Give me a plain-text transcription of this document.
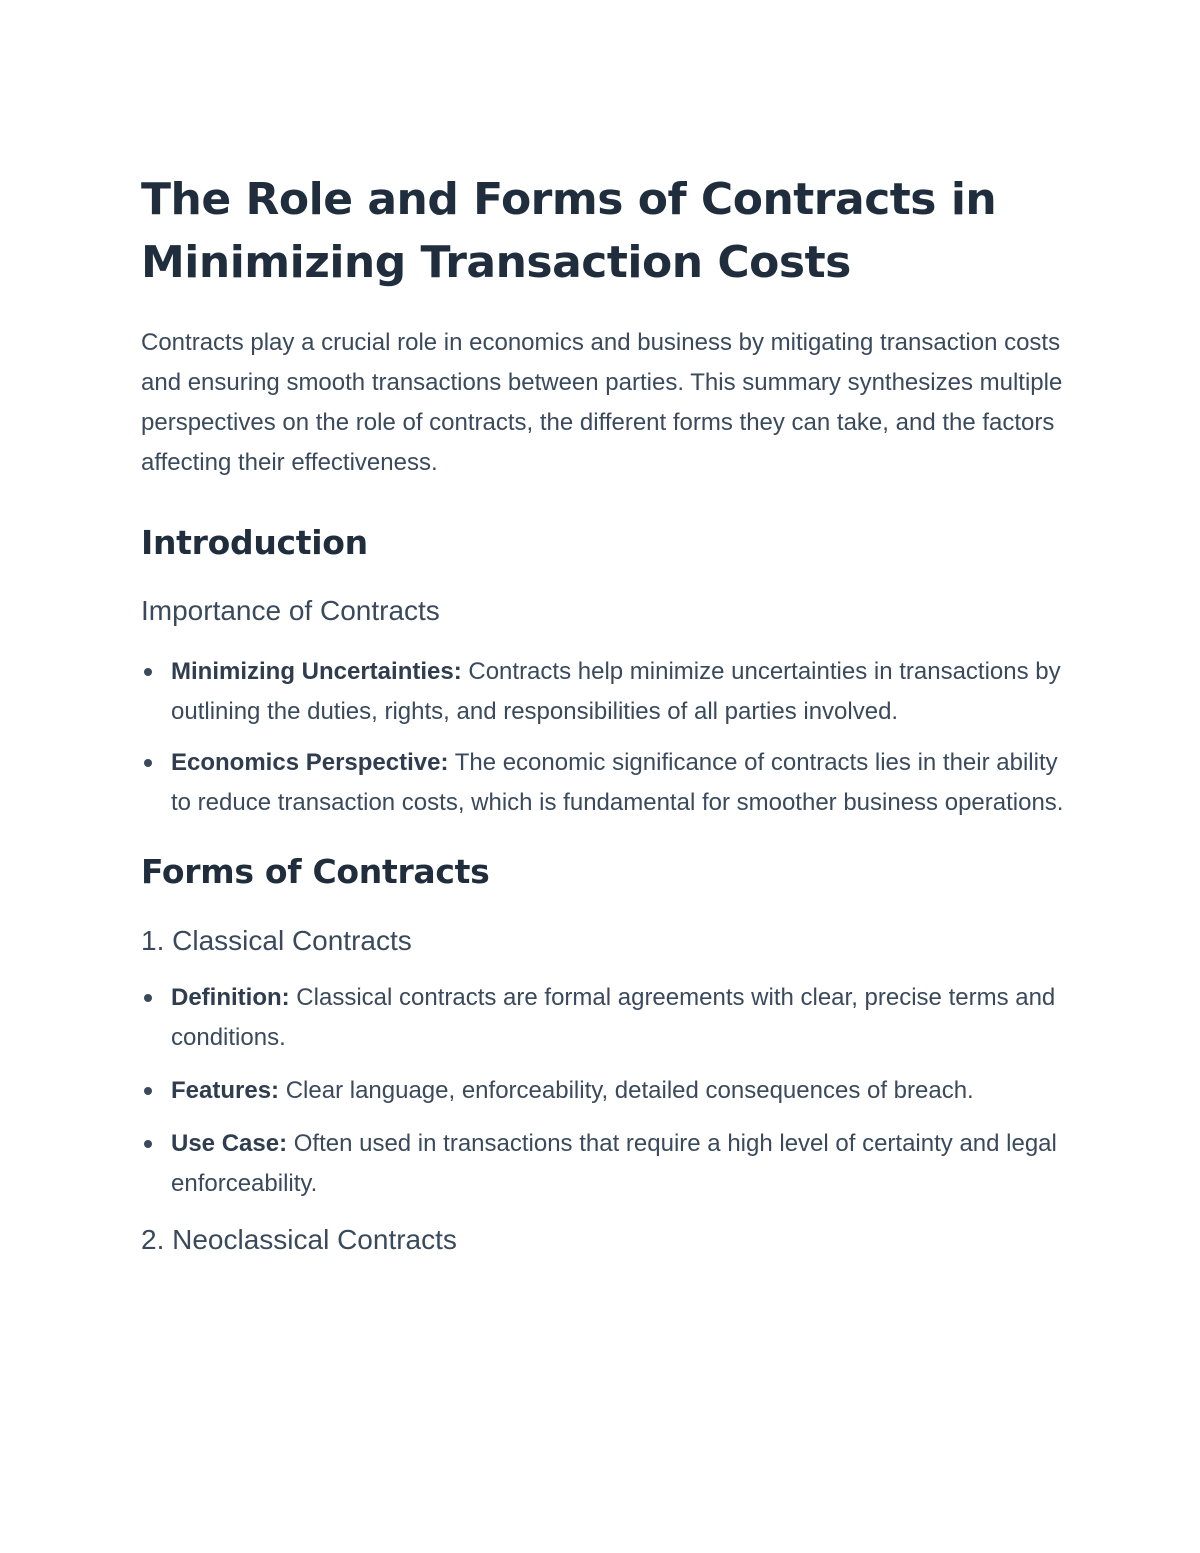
The Role and Forms of Contracts in Minimizing Transaction Costs

Contracts play a crucial role in economics and business by mitigating transaction costs and ensuring smooth transactions between parties. This summary synthesizes multiple perspectives on the role of contracts, the different forms they can take, and the factors affecting their effectiveness.

Introduction
Importance of Contracts
Minimizing Uncertainties: Contracts help minimize uncertainties in transactions by outlining the duties, rights, and responsibilities of all parties involved.
Economics Perspective: The economic significance of contracts lies in their ability to reduce transaction costs, which is fundamental for smoother business operations.
Forms of Contracts
1. Classical Contracts
Definition: Classical contracts are formal agreements with clear, precise terms and conditions.
Features: Clear language, enforceability, detailed consequences of breach.
Use Case: Often used in transactions that require a high level of certainty and legal enforceability.
2. Neoclassical Contracts
